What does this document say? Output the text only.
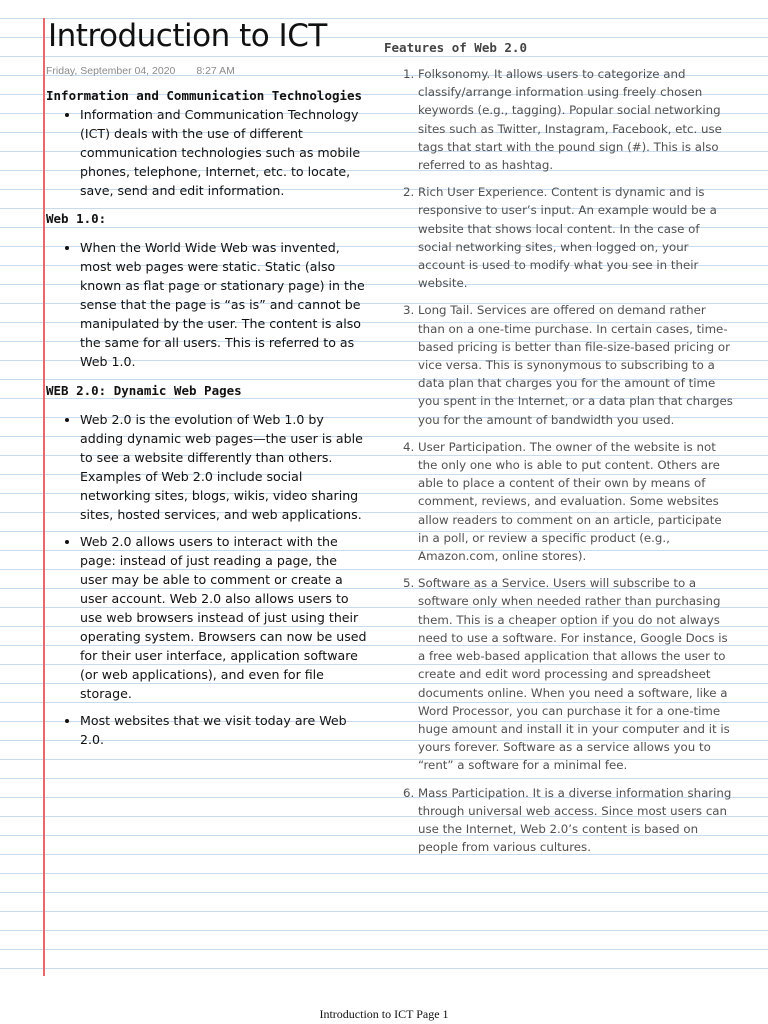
Introduction to ICT
Friday, September 04, 2020 8:27 AM
Information and Communication Technologies
• Information and Communication Technology (ICT) deals with the use of different communication technologies such as mobile phones, telephone, Internet, etc. to locate, save, send and edit information.
Web 1.0:
• When the World Wide Web was invented, most web pages were static. Static (also known as flat page or stationary page) in the sense that the page is “as is” and cannot be manipulated by the user. The content is also the same for all users. This is referred to as Web 1.0.
WEB 2.0: Dynamic Web Pages
• Web 2.0 is the evolution of Web 1.0 by adding dynamic web pages—the user is able to see a website differently than others. Examples of Web 2.0 include social networking sites, blogs, wikis, video sharing sites, hosted services, and web applications.
• Web 2.0 allows users to interact with the page: instead of just reading a page, the user may be able to comment or create a user account. Web 2.0 also allows users to use web browsers instead of just using their operating system. Browsers can now be used for their user interface, application software (or web applications), and even for file storage.
• Most websites that we visit today are Web 2.0.
Features of Web 2.0
1. Folksonomy. It allows users to categorize and classify/arrange information using freely chosen keywords (e.g., tagging). Popular social networking sites such as Twitter, Instagram, Facebook, etc. use tags that start with the pound sign (#). This is also referred to as hashtag.
2. Rich User Experience. Content is dynamic and is responsive to user’s input. An example would be a website that shows local content. In the case of social networking sites, when logged on, your account is used to modify what you see in their website.
3. Long Tail. Services are offered on demand rather than on a one-time purchase. In certain cases, time-based pricing is better than file-size-based pricing or vice versa. This is synonymous to subscribing to a data plan that charges you for the amount of time you spent in the Internet, or a data plan that charges you for the amount of bandwidth you used.
4. User Participation. The owner of the website is not the only one who is able to put content. Others are able to place a content of their own by means of comment, reviews, and evaluation. Some websites allow readers to comment on an article, participate in a poll, or review a specific product (e.g., Amazon.com, online stores).
5. Software as a Service. Users will subscribe to a software only when needed rather than purchasing them. This is a cheaper option if you do not always need to use a software. For instance, Google Docs is a free web-based application that allows the user to create and edit word processing and spreadsheet documents online. When you need a software, like a Word Processor, you can purchase it for a one-time huge amount and install it in your computer and it is yours forever. Software as a service allows you to “rent” a software for a minimal fee.
6. Mass Participation. It is a diverse information sharing through universal web access. Since most users can use the Internet, Web 2.0’s content is based on people from various cultures.
Introduction to ICT Page 1
